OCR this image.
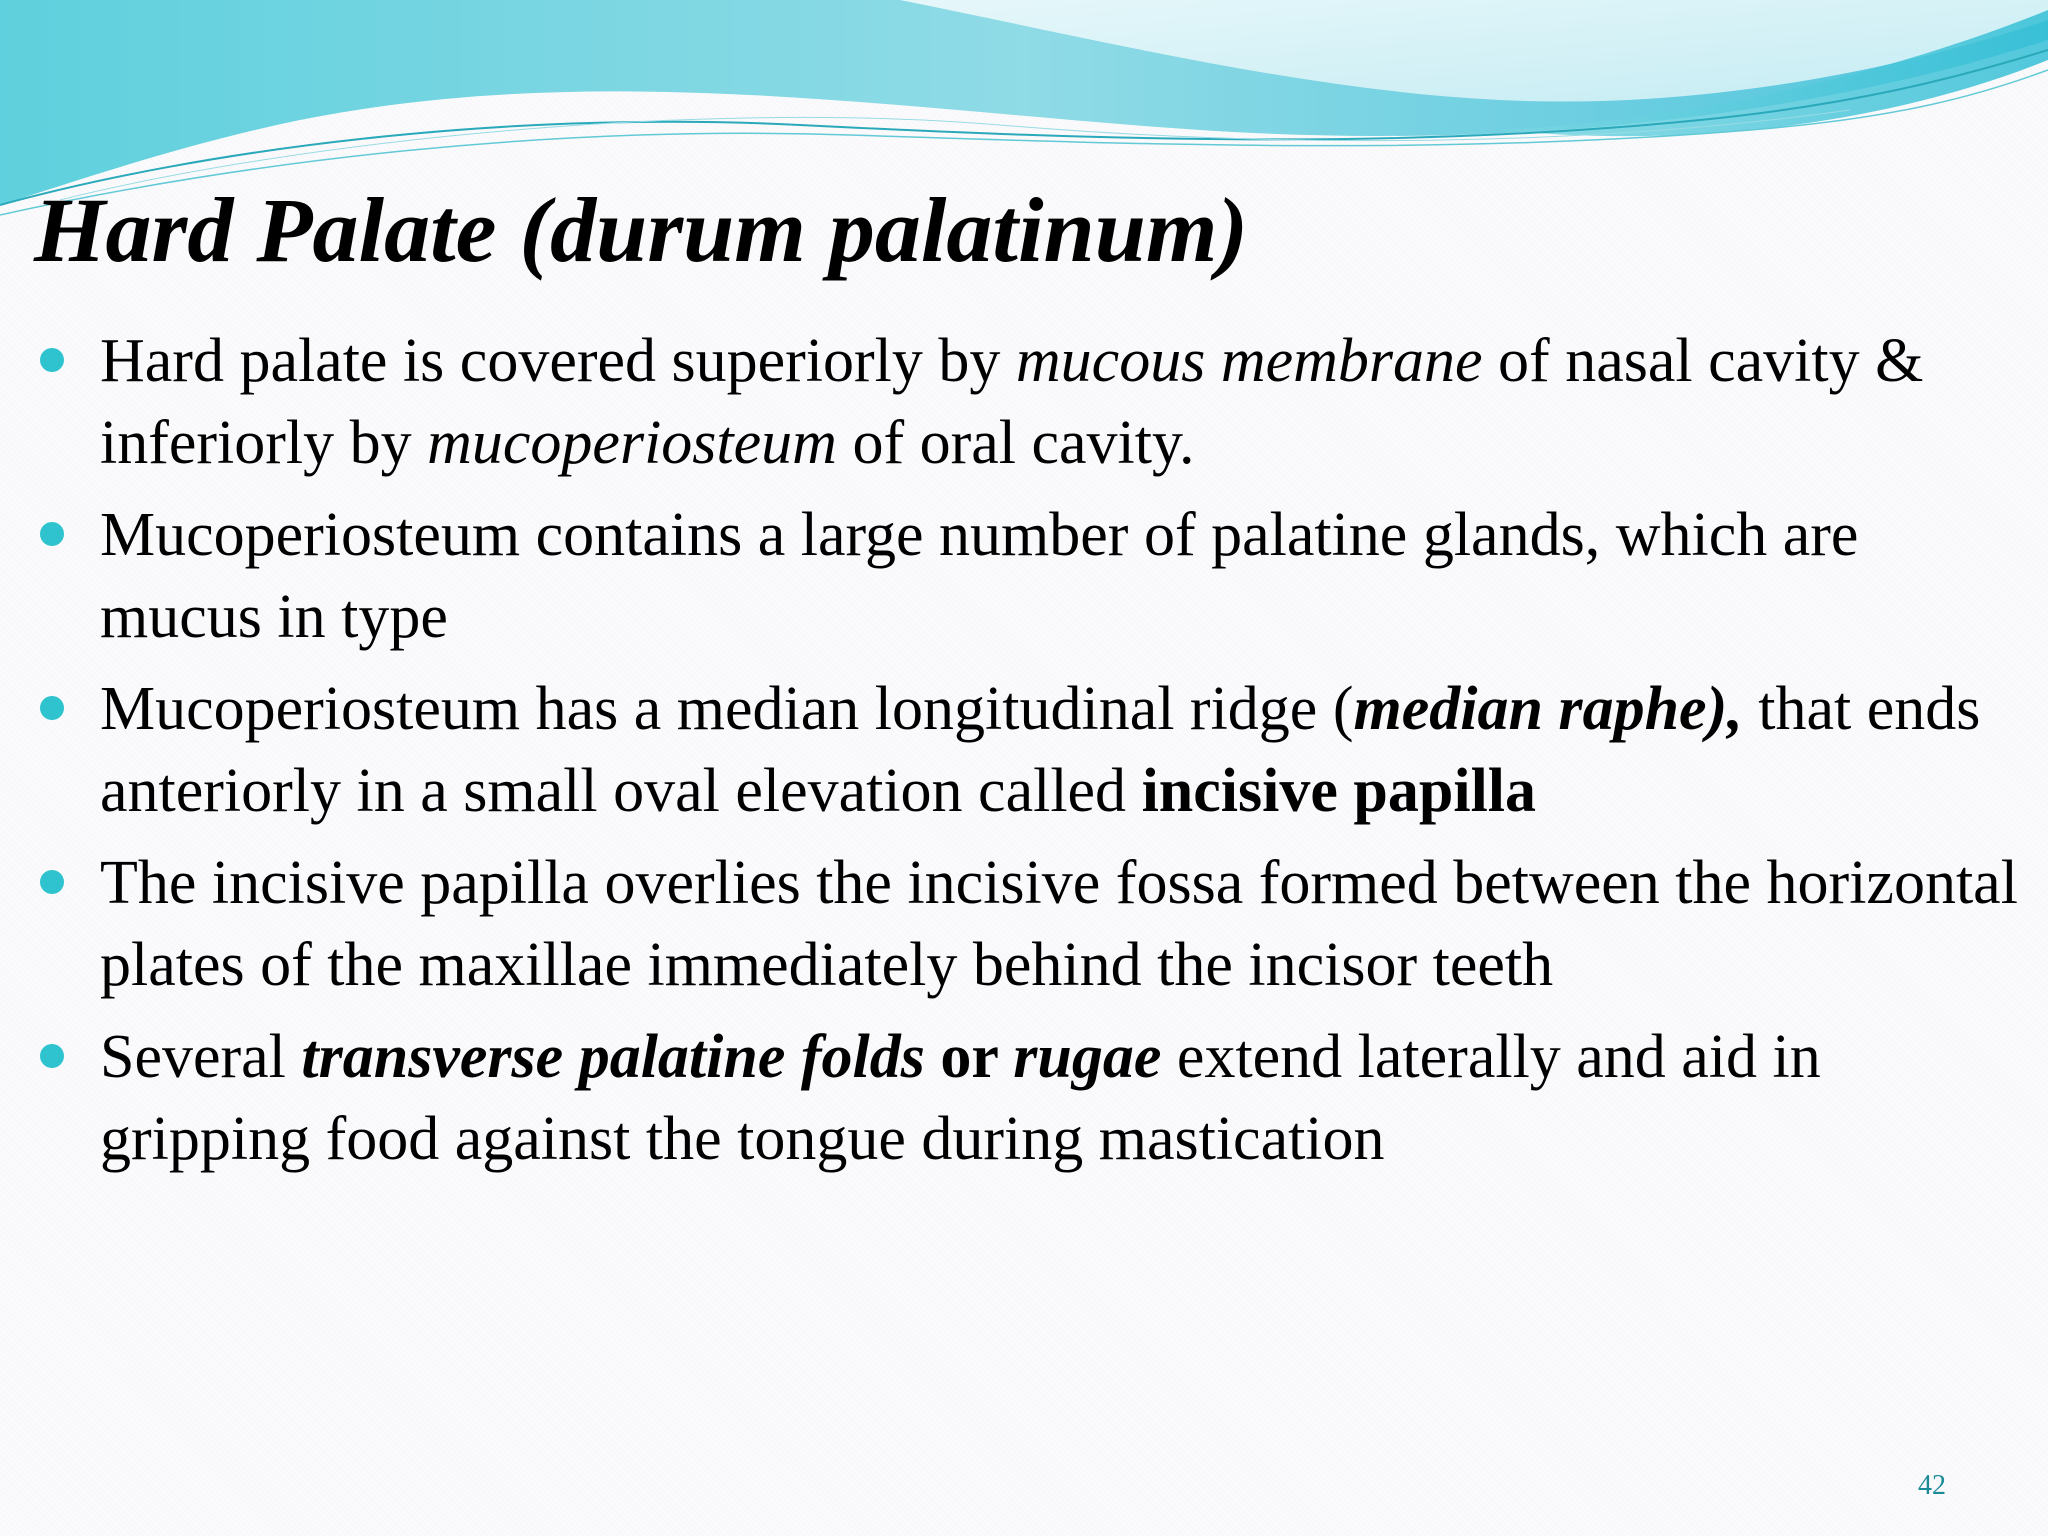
Hard Palate (durum palatinum)
Hard palate is covered superiorly by mucous membrane of nasal cavity & inferiorly by mucoperiosteum of oral cavity.
Mucoperiosteum contains a large number of palatine glands, which are mucus in type
Mucoperiosteum has a median longitudinal ridge (median raphe), that ends anteriorly in a small oval elevation called incisive papilla
The incisive papilla overlies the incisive fossa formed between the horizontal plates of the maxillae immediately behind the incisor teeth
Several transverse palatine folds or rugae extend laterally and aid in gripping food against the tongue during mastication
42
